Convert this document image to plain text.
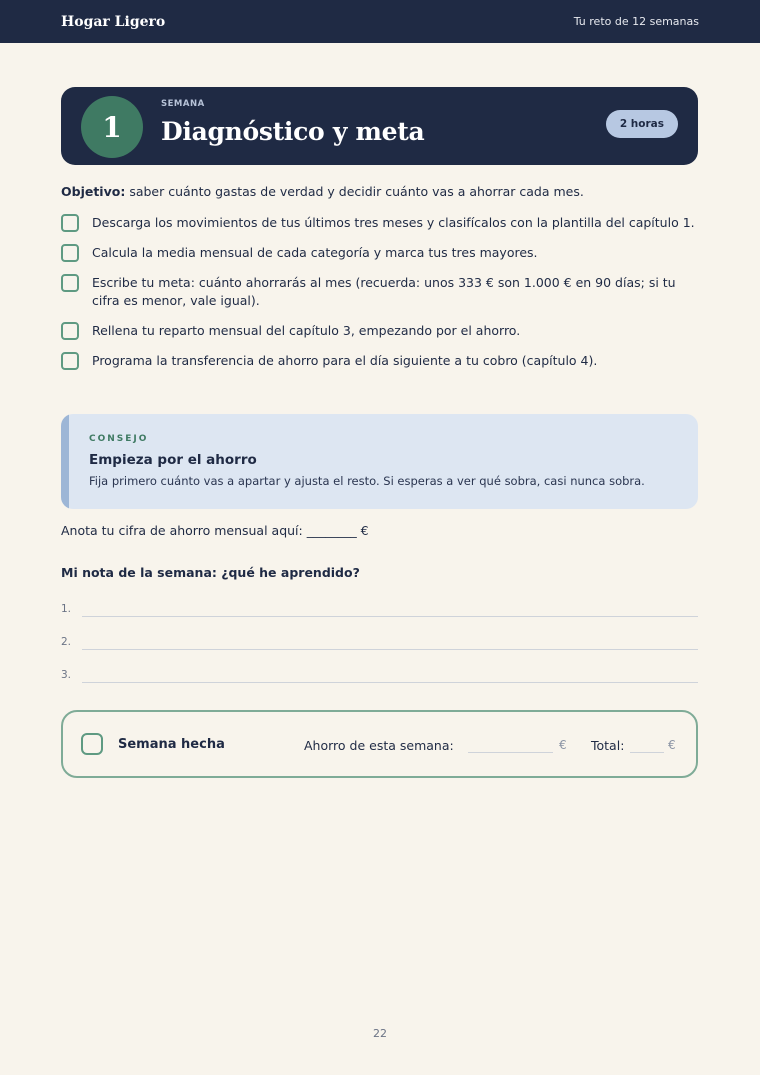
Hogar Ligero	Tu reto de 12 semanas
1
SEMANA
Diagnóstico y meta	2 horas
Objetivo: saber cuánto gastas de verdad y decidir cuánto vas a ahorrar cada mes.
Descarga los movimientos de tus últimos tres meses y clasifícalos con la plantilla del capítulo 1.
Calcula la media mensual de cada categoría y marca tus tres mayores.
Escribe tu meta: cuánto ahorrarás al mes (recuerda: unos 333 € son 1.000 € en 90 días; si tu cifra es menor, vale igual).
Rellena tu reparto mensual del capítulo 3, empezando por el ahorro.
Programa la transferencia de ahorro para el día siguiente a tu cobro (capítulo 4).
CONSEJO
Empieza por el ahorro
Fija primero cuánto vas a apartar y ajusta el resto. Si esperas a ver qué sobra, casi nunca sobra.
Anota tu cifra de ahorro mensual aquí: ________ €
Mi nota de la semana: ¿qué he aprendido?
1.
2.
3.
Semana hecha	Ahorro de esta semana:	€ Total:	€
22
